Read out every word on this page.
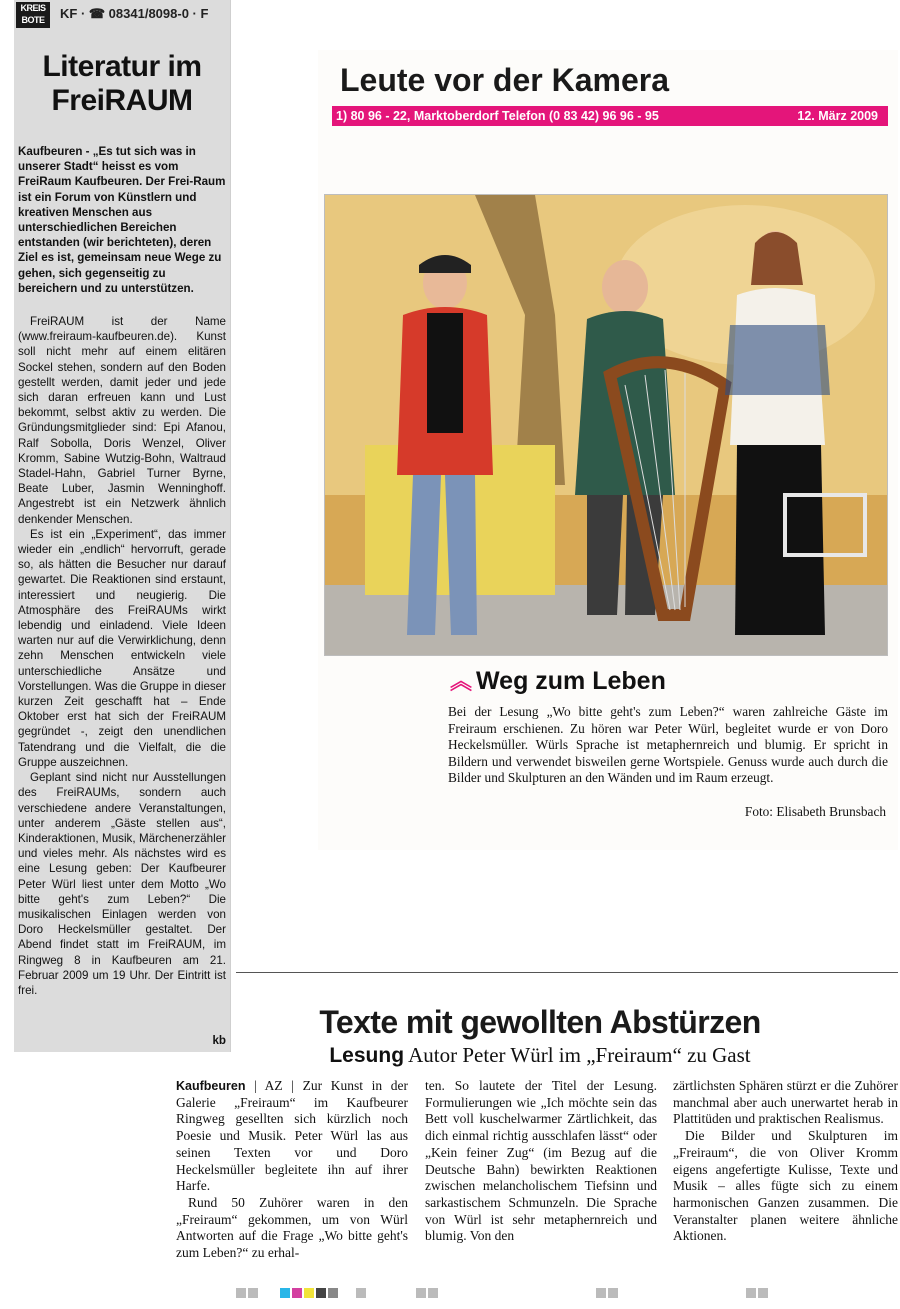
KREIS BOTE	KF · ☎ 08341/8098-0 · F
Literatur im
FreiRAUM

Kaufbeuren - „Es tut sich was in unserer Stadt“ heisst es vom FreiRaum Kaufbeuren. Der Frei-Raum ist ein Forum von Künstlern und kreativen Menschen aus unterschiedlichen Bereichen entstanden (wir berichteten), deren Ziel es ist, gemeinsam neue Wege zu gehen, sich gegenseitig zu bereichern und zu unterstützen.

FreiRAUM ist der Name (www.freiraum-kaufbeuren.de). Kunst soll nicht mehr auf einem elitären Sockel stehen, sondern auf den Boden gestellt werden, damit jeder und jede sich daran erfreuen kann und Lust bekommt, selbst aktiv zu werden. Die Gründungsmitglieder sind: Epi Afanou, Ralf Sobolla, Doris Wenzel, Oliver Kromm, Sabine Wutzig-Bohn, Waltraud Stadel-Hahn, Gabriel Turner Byrne, Beate Luber, Jasmin Wenninghoff. Angestrebt ist ein Netzwerk ähnlich denkender Menschen.

Es ist ein „Experiment“, das immer wieder ein „endlich“ hervorruft, gerade so, als hätten die Besucher nur darauf gewartet. Die Reaktionen sind erstaunt, interessiert und neugierig. Die Atmosphäre des FreiRAUMs wirkt lebendig und einladend. Viele Ideen warten nur auf die Verwirklichung, denn zehn Menschen entwickeln viele unterschiedliche Ansätze und Vorstellungen. Was die Gruppe in dieser kurzen Zeit geschafft hat – Ende Oktober erst hat sich der FreiRAUM gegründet -, zeigt den unendlichen Tatendrang und die Vielfalt, die die Gruppe auszeichnen.

Geplant sind nicht nur Ausstellungen des FreiRAUMs, sondern auch verschiedene andere Veranstaltungen, unter anderem „Gäste stellen aus“, Kinderaktionen, Musik, Märchenerzähler und vieles mehr. Als nächstes wird es eine Lesung geben: Der Kaufbeurer Peter Würl liest unter dem Motto „Wo bitte geht's zum Leben?“ Die musikalischen Einlagen werden von Doro Heckelsmüller gestaltet. Der Abend findet statt im FreiRAUM, im Ringweg 8 in Kaufbeuren am 21. Februar 2009 um 19 Uhr. Der Eintritt ist frei.

kb
Leute vor der Kamera
1) 80 96 - 22, Marktoberdorf Telefon (0 83 42) 96 96 - 95	12. März 2009
︽ Weg zum Leben

Bei der Lesung „Wo bitte geht's zum Leben?“ waren zahlreiche Gäste im Freiraum erschienen. Zu hören war Peter Würl, begleitet wurde er von Doro Heckelsmüller. Würls Sprache ist metaphernreich und blumig. Er spricht in Bildern und verwendet bisweilen gerne Wortspiele. Genuss wurde auch durch die Bilder und Skulpturen an den Wänden und im Raum erzeugt.

Foto: Elisabeth Brunsbach
Texte mit gewollten Abstürzen
Lesung Autor Peter Würl im „Freiraum“ zu Gast

Kaufbeuren | AZ | Zur Kunst in der Galerie „Freiraum“ im Kaufbeurer Ringweg gesellten sich kürzlich noch Poesie und Musik. Peter Würl las aus seinen Texten vor und Doro Heckelsmüller begleitete ihn auf ihrer Harfe.

Rund 50 Zuhörer waren in den „Freiraum“ gekommen, um von Würl Antworten auf die Frage „Wo bitte geht's zum Leben?“ zu erhal-

ten. So lautete der Titel der Lesung. Formulierungen wie „Ich möchte sein das Bett voll kuschelwarmer Zärtlichkeit, das dich einmal richtig ausschlafen lässt“ oder „Kein feiner Zug“ (im Bezug auf die Deutsche Bahn) bewirkten Reaktionen zwischen melancholischem Tiefsinn und sarkastischem Schmunzeln. Die Sprache von Würl ist sehr metaphernreich und blumig. Von den

zärtlichsten Sphären stürzt er die Zuhörer manchmal aber auch unerwartet herab in Plattitüden und praktischen Realismus.

Die Bilder und Skulpturen im „Freiraum“, die von Oliver Kromm eigens angefertigte Kulisse, Texte und Musik – alles fügte sich zu einem harmonischen Ganzen zusammen. Die Veranstalter planen weitere ähnliche Aktionen.
